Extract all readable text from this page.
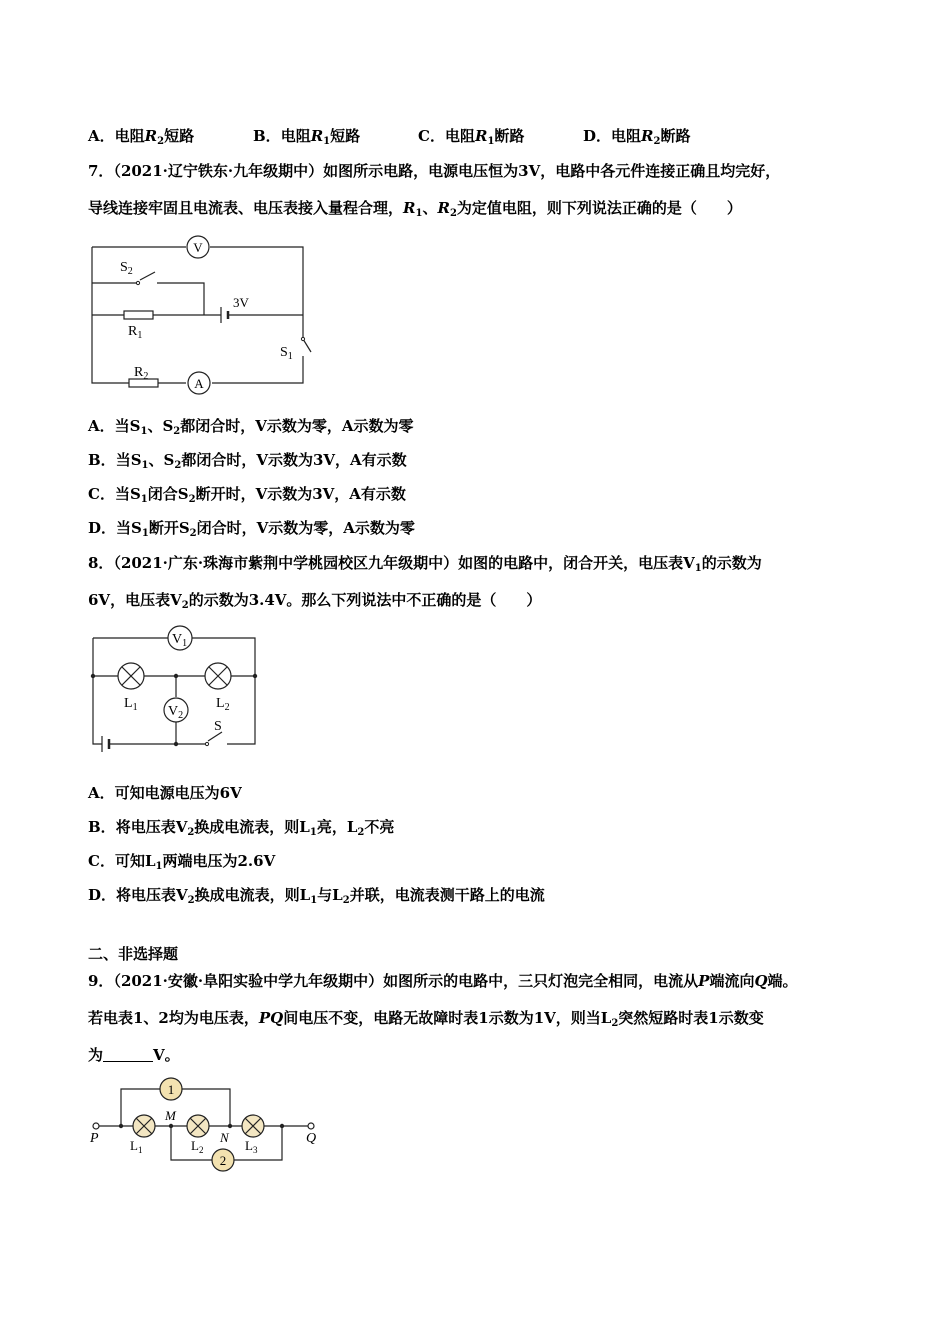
A．电阻$R_2$短路	B．电阻$R_1$短路	C．电阻$R_1$断路	D．电阻$R_2$断路
7．（2021·辽宁铁东·九年级期中）如图所示电路，电源电压恒为3V，电路中各元件连接正确且均完好，
导线连接牢固且电流表、电压表接入量程合理，$R_1$、$R_2$为定值电阻，则下列说法正确的是（　　）
V
A
3V
$S_2$
$R_1$
$R_2$
$S_1$
A．当$S_1$、$S_2$都闭合时，V示数为零，A示数为零
B．当$S_1$、$S_2$都闭合时，V示数为3V，A有示数
C．当$S_1$闭合$S_2$断开时，V示数为3V，A有示数
D．当$S_1$断开$S_2$闭合时，V示数为零，A示数为零
8．（2021·广东·珠海市紫荆中学桃园校区九年级期中）如图的电路中，闭合开关，电压表$V_1$的示数为
6V，电压表$V_2$的示数为3.4V。那么下列说法中不正确的是（　　）
$V_1$
$V_2$
$L_1$	$L_2$
S
A．可知电源电压为6V
B．将电压表$V_2$换成电流表，则$L_1$亮，$L_2$不亮
C．可知$L_1$两端电压为2.6V
D．将电压表$V_2$换成电流表，则$L_1$与$L_2$并联，电流表测干路上的电流
二、非选择题
9．（2021·安徽·阜阳实验中学九年级期中）如图所示的电路中，三只灯泡完全相同，电流从P端流向Q端。
若电表1、2均为电压表，PQ间电压不变，电路无故障时表1示数为1V，则当$L_2$突然短路时表1示数变
为	V。
1
2
P	Q
M
N
$L_1$	$L_2$	$L_3$
